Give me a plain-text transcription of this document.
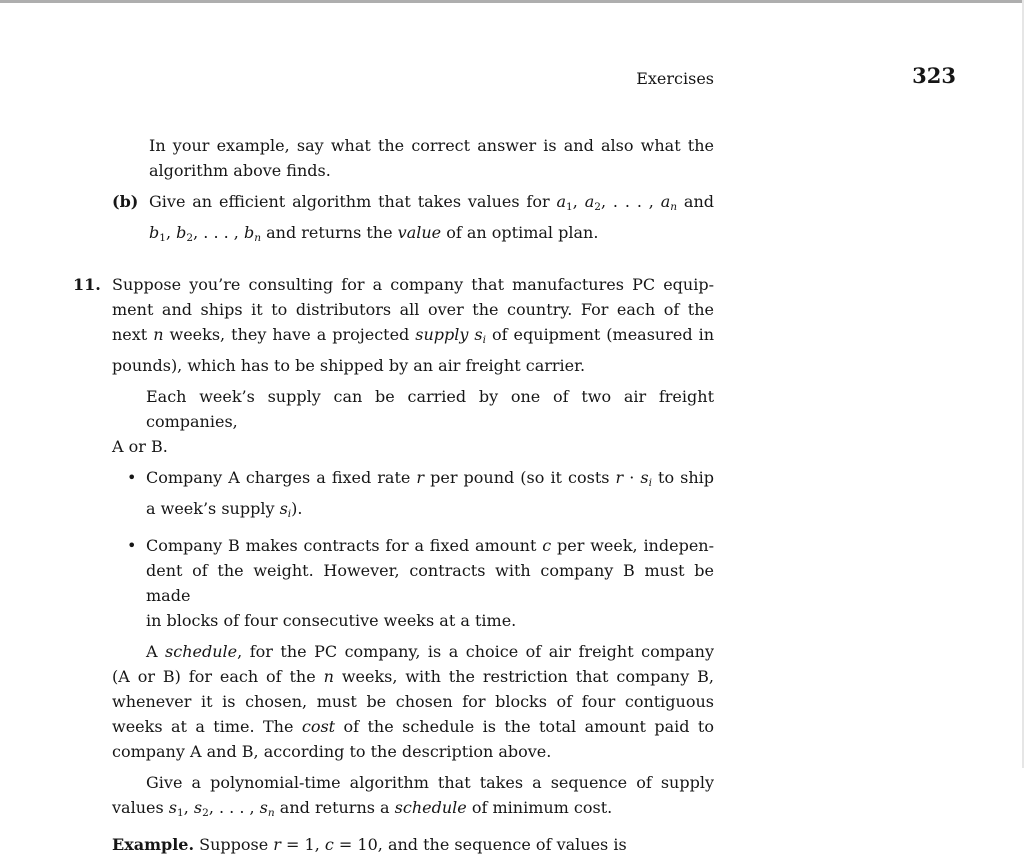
Exercises	323
In your example, say what the correct answer is and also what the
algorithm above finds.
(b) Give an efficient algorithm that takes values for $a_1$, $a_2$, . . . , $a_n$ and
$b_1$, $b_2$, . . . , $b_n$ and returns the value of an optimal plan.
11. Suppose you’re consulting for a company that manufactures PC equip-
ment and ships it to distributors all over the country. For each of the
next n weeks, they have a projected supply $s_i$ of equipment (measured in
pounds), which has to be shipped by an air freight carrier.
Each week’s supply can be carried by one of two air freight companies,
A or B.
• Company A charges a fixed rate r per pound (so it costs $r \cdot s_i$ to ship
a week’s supply $s_i$).
• Company B makes contracts for a fixed amount c per week, indepen-
dent of the weight. However, contracts with company B must be made
in blocks of four consecutive weeks at a time.
A schedule, for the PC company, is a choice of air freight company
(A or B) for each of the n weeks, with the restriction that company B,
whenever it is chosen, must be chosen for blocks of four contiguous
weeks at a time. The cost of the schedule is the total amount paid to
company A and B, according to the description above.
Give a polynomial-time algorithm that takes a sequence of supply
values $s_1$, $s_2$, . . . , $s_n$ and returns a schedule of minimum cost.
Example. Suppose r = 1, c = 10, and the sequence of values is
